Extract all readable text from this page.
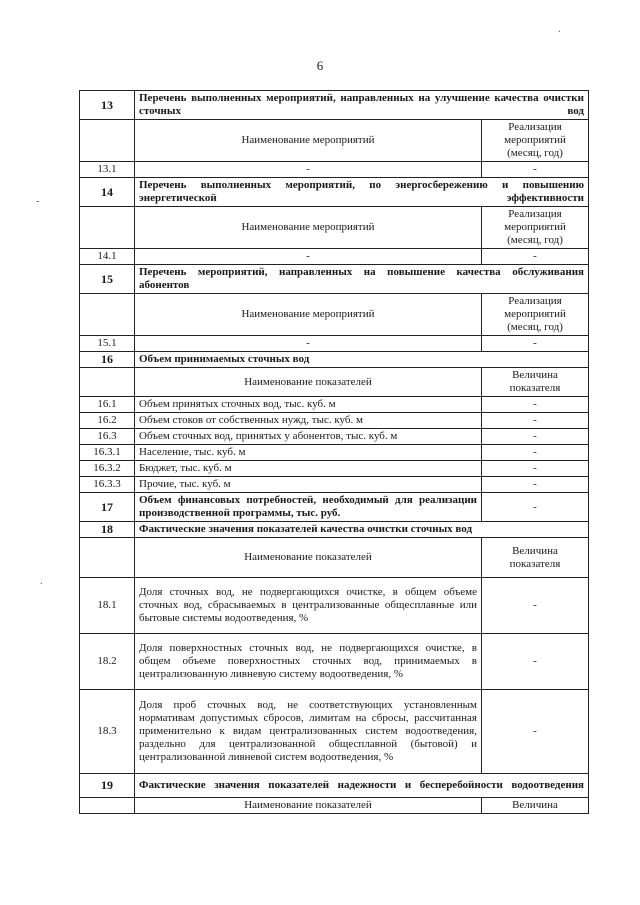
6
.
-
.
13	Перечень выполненных мероприятий, направленных на улучшение качества очистки сточных вод	
	Наименование мероприятий	Реализация мероприятий (месяц, год)
13.1	-	-
14	Перечень выполненных мероприятий, по энергосбережению и повышению энергетической эффективности	
	Наименование мероприятий	Реализация мероприятий (месяц, год)
14.1	-	-
15	Перечень мероприятий, направленных на повышение качества обслуживания абонентов	
	Наименование мероприятий	Реализация мероприятий (месяц, год)
15.1	-	-
16	Объем принимаемых сточных вод	
	Наименование показателей	Величина показателя
16.1	Объем принятых сточных вод, тыс. куб. м	-
16.2	Объем стоков от собственных нужд, тыс. куб. м	-
16.3	Объем сточных вод, принятых у абонентов, тыс. куб. м	-
16.3.1	Население, тыс. куб. м	-
16.3.2	Бюджет, тыс. куб. м	-
16.3.3	Прочие, тыс. куб. м	-
17	Объем финансовых потребностей, необходимый для реализации производственной программы, тыс. руб.	-
18	Фактические значения показателей качества очистки сточных вод	
	Наименование показателей	Величина показателя
18.1	Доля сточных вод, не подвергающихся очистке, в общем объеме сточных вод, сбрасываемых в централизованные общесплавные или бытовые системы водоотведения, %	-
18.2	Доля поверхностных сточных вод, не подвергающихся очистке, в общем объеме поверхностных сточных вод, принимаемых в централизованную ливневую систему водоотведения, %	-
18.3	Доля проб сточных вод, не соответствующих установленным нормативам допустимых сбросов, лимитам на сбросы, рассчитанная применительно к видам централизованных систем водоотведения, раздельно для централизованной общесплавной (бытовой) и централизованной ливневой систем водоотведения, %	-
19	Фактические значения показателей надежности и бесперебойности водоотведения	
	Наименование показателей	Величина
